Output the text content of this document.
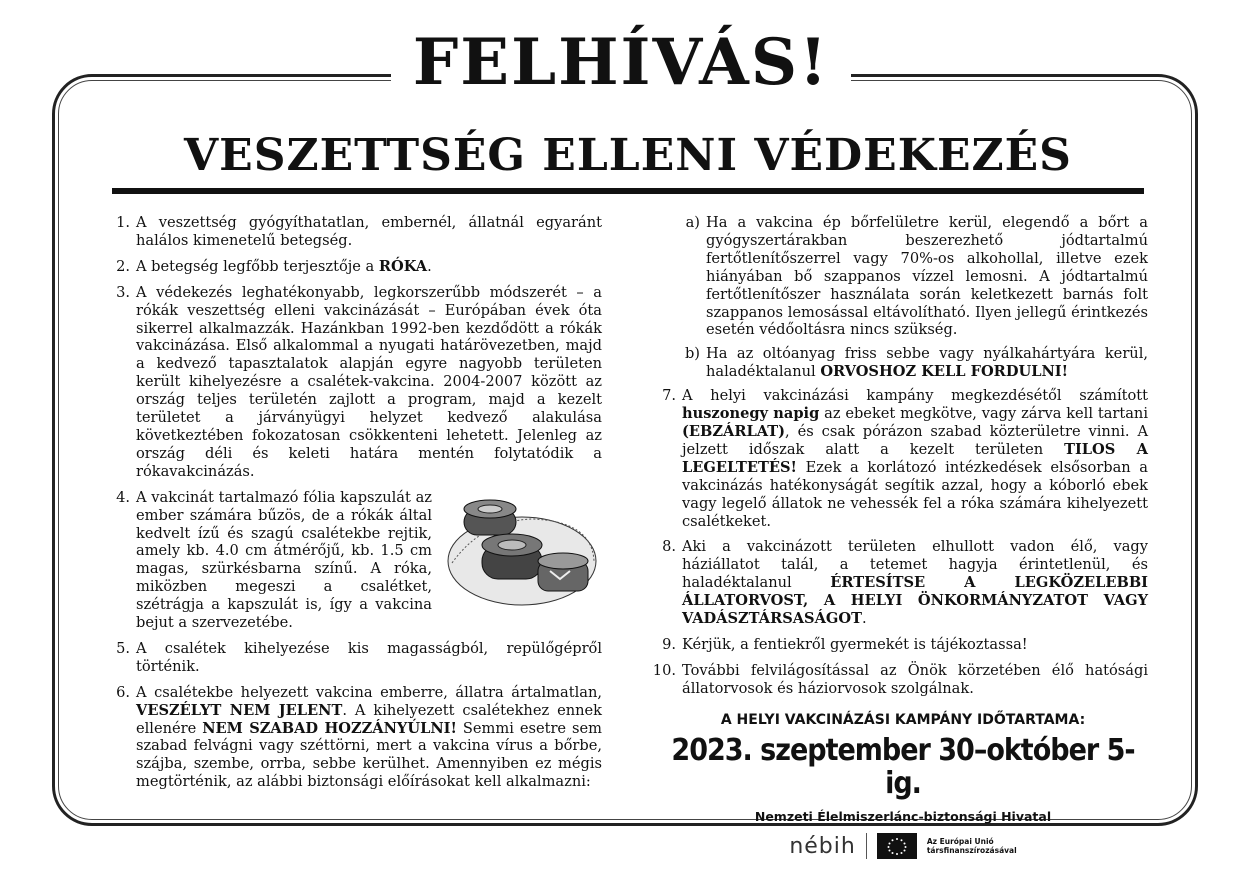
FELHÍVÁS!
VESZETTSÉG ELLENI VÉDEKEZÉS
1. A veszettség gyógyíthatatlan, embernél, állatnál egyaránt halálos kimenetelű betegség.
2. A betegség legfőbb terjesztője a RÓKA.
3. A védekezés leghatékonyabb, legkorszerűbb módszerét – a rókák veszettség elleni vakcinázását – Európában évek óta sikerrel alkalmazzák. Hazánkban 1992-ben kezdődött a rókák vakcinázása. Első alkalommal a nyugati határövezetben, majd a kedvező tapasztalatok alapján egyre nagyobb területen került kihelyezésre a csalétek-vakcina. 2004-2007 között az ország teljes területén zajlott a program, majd a kezelt területet a járványügyi helyzet kedvező alakulása következtében fokozatosan csökkenteni lehetett. Jelenleg az ország déli és keleti határa mentén folytatódik a rókavakcinázás.
4. A vakcinát tartalmazó fólia kapszulát az ember számára bűzös, de a rókák által kedvelt ízű és szagú csalétekbe rejtik, amely kb. 4.0 cm átmérőjű, kb. 1.5 cm magas, szürkésbarna színű. A róka, miközben megeszi a csalétket, szétrágja a kapszulát is, így a vakcina bejut a szervezetébe.
5. A csalétek kihelyezése kis magasságból, repülőgépről történik.
6. A csalétekbe helyezett vakcina emberre, állatra ártalmatlan, VESZÉLYT NEM JELENT. A kihelyezett csalétekhez ennek ellenére NEM SZABAD HOZZÁNYÚLNI! Semmi esetre sem szabad felvágni vagy széttörni, mert a vakcina vírus a bőrbe, szájba, szembe, orrba, sebbe kerülhet. Amennyiben ez mégis megtörténik, az alábbi biztonsági előírásokat kell alkalmazni:
a) Ha a vakcina ép bőrfelületre kerül, elegendő a bőrt a gyógyszertárakban beszerezhető jódtartalmú fertőtlenítőszerrel vagy 70%-os alkohollal, illetve ezek hiányában bő szappanos vízzel lemosni. A jódtartalmú fertőtlenítőszer használata során keletkezett barnás folt szappanos lemosással eltávolítható. Ilyen jellegű érintkezés esetén védőoltásra nincs szükség.
b) Ha az oltóanyag friss sebbe vagy nyálkahártyára kerül, haladéktalanul ORVOSHOZ KELL FORDULNI!
7. A helyi vakcinázási kampány megkezdésétől számított huszonegy napig az ebeket megkötve, vagy zárva kell tartani (EBZÁRLAT), és csak pórázon szabad közterületre vinni. A jelzett időszak alatt a kezelt területen TILOS A LEGELTETÉS! Ezek a korlátozó intézkedések elsősorban a vakcinázás hatékonyságát segítik azzal, hogy a kóborló ebek vagy legelő állatok ne vehessék fel a róka számára kihelyezett csalétkeket.
8. Aki a vakcinázott területen elhullott vadon élő, vagy háziállatot talál, a tetemet hagyja érintetlenül, és haladéktalanul ÉRTESÍTSE A LEGKÖZELEBBI ÁLLATORVOST, A HELYI ÖNKORMÁNYZATOT VAGY VADÁSZTÁRSASÁGOT.
9. Kérjük, a fentiekről gyermekét is tájékoztassa!
10. További felvilágosítással az Önök körzetében élő hatósági állatorvosok és háziorvosok szolgálnak.
A HELYI VAKCINÁZÁSI KAMPÁNY IDŐTARTAMA:
2023. szeptember 30–október 5-ig.
Nemzeti Élelmiszerlánc-biztonsági Hivatal
nébih	Az Európai Unió
társfinanszírozásával
